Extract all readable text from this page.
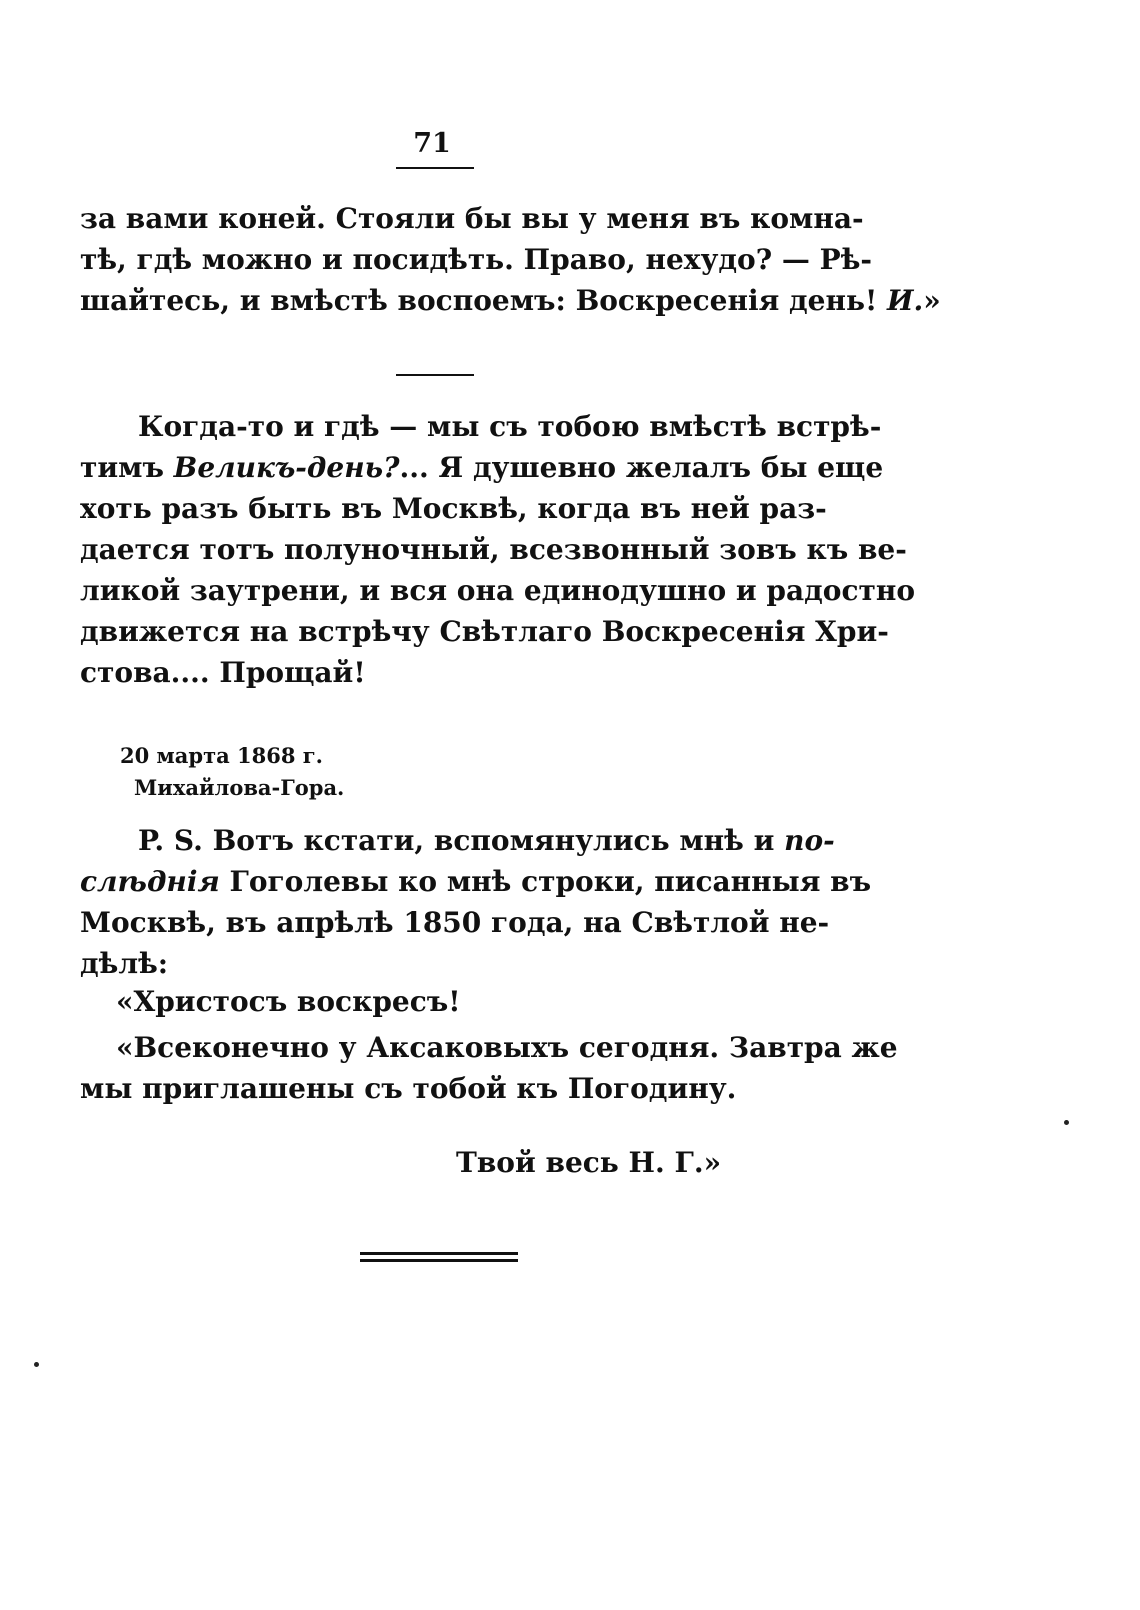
71
за вами коней. Стояли бы вы у меня въ комна-
тѣ, гдѣ можно и посидѣть. Право, нехудо? — Рѣ-
шайтесь, и вмѣстѣ воспоемъ: Воскресенія день! И.»
Когда-то и гдѣ — мы съ тобою вмѣстѣ встрѣ-
тимъ Великъ-день?... Я душевно желалъ бы еще
хоть разъ быть въ Москвѣ, когда въ ней раз-
дается тотъ полуночный, всезвонный зовъ къ ве-
ликой заутрени, и вся она единодушно и радостно
движется на встрѣчу Свѣтлаго Воскресенія Хри-
стова.... Прощай!
20 марта 1868 г.
Михайлова-Гора.
P. S. Вотъ кстати, вспомянулись мнѣ и по-
слѣднія Гоголевы ко мнѣ строки, писанныя въ
Москвѣ, въ апрѣлѣ 1850 года, на Свѣтлой не-
дѣлѣ:
«Христосъ воскресъ!
«Всеконечно у Аксаковыхъ сегодня. Завтра же
мы приглашены съ тобой къ Погодину.
Твой весь Н. Г.»
